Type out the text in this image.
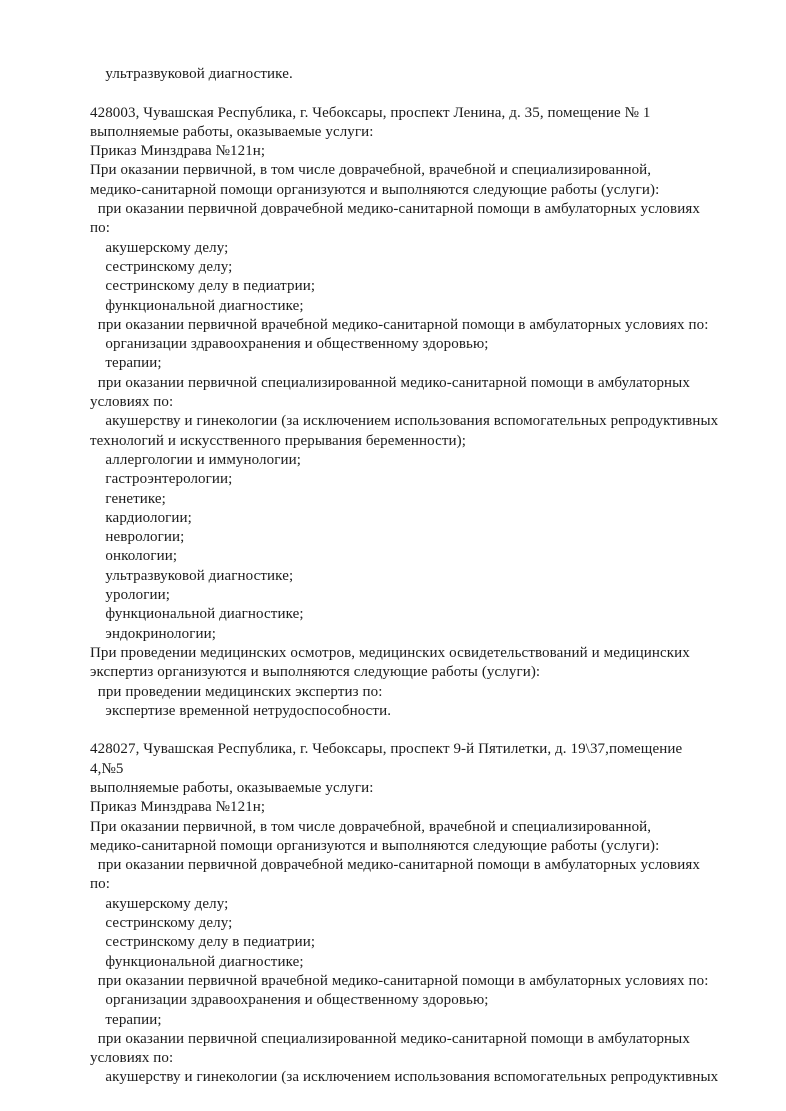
ультразвуковой диагностике.

428003, Чувашская Республика, г. Чебоксары, проспект Ленина, д. 35, помещение № 1
выполняемые работы, оказываемые услуги:
Приказ Минздрава №121н;
При оказании первичной, в том числе доврачебной, врачебной и специализированной,
медико-санитарной помощи организуются и выполняются следующие работы (услуги):
при оказании первичной доврачебной медико-санитарной помощи в амбулаторных условиях
по:
акушерскому делу;
сестринскому делу;
сестринскому делу в педиатрии;
функциональной диагностике;
при оказании первичной врачебной медико-санитарной помощи в амбулаторных условиях по:
организации здравоохранения и общественному здоровью;
терапии;
при оказании первичной специализированной медико-санитарной помощи в амбулаторных
условиях по:
акушерству и гинекологии (за исключением использования вспомогательных репродуктивных
технологий и искусственного прерывания беременности);
аллергологии и иммунологии;
гастроэнтерологии;
генетике;
кардиологии;
неврологии;
онкологии;
ультразвуковой диагностике;
урологии;
функциональной диагностике;
эндокринологии;
При проведении медицинских осмотров, медицинских освидетельствований и медицинских
экспертиз организуются и выполняются следующие работы (услуги):
при проведении медицинских экспертиз по:
экспертизе временной нетрудоспособности.

428027, Чувашская Республика, г. Чебоксары, проспект 9-й Пятилетки, д. 19\37,помещение
4,№5
выполняемые работы, оказываемые услуги:
Приказ Минздрава №121н;
При оказании первичной, в том числе доврачебной, врачебной и специализированной,
медико-санитарной помощи организуются и выполняются следующие работы (услуги):
при оказании первичной доврачебной медико-санитарной помощи в амбулаторных условиях
по:
акушерскому делу;
сестринскому делу;
сестринскому делу в педиатрии;
функциональной диагностике;
при оказании первичной врачебной медико-санитарной помощи в амбулаторных условиях по:
организации здравоохранения и общественному здоровью;
терапии;
при оказании первичной специализированной медико-санитарной помощи в амбулаторных
условиях по:
акушерству и гинекологии (за исключением использования вспомогательных репродуктивных
